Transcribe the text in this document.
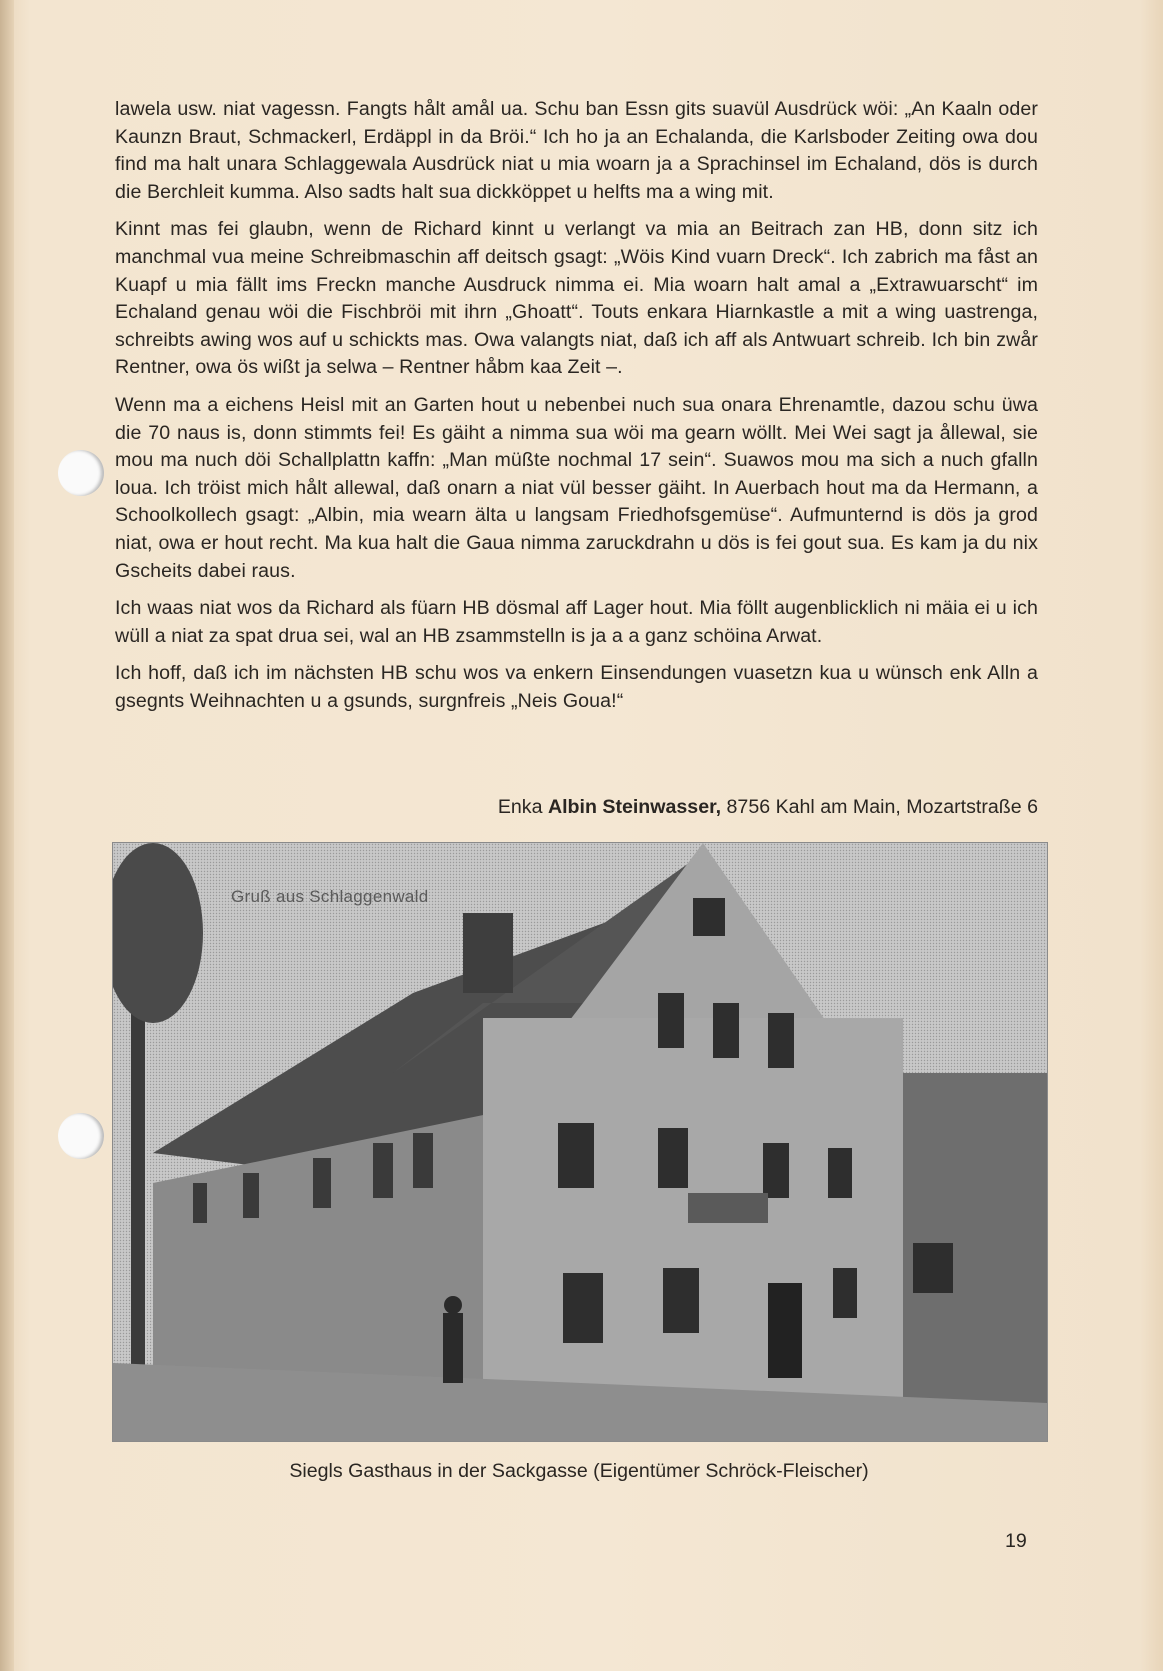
lawela usw. niat vagessn. Fangts hålt amål ua. Schu ban Essn gits suavül Ausdrück wöi: „An Kaaln oder Kaunzn Braut, Schmackerl, Erdäppl in da Bröi.“ Ich ho ja an Echalanda, die Karlsboder Zeiting owa dou find ma halt unara Schlaggewala Ausdrück niat u mia woarn ja a Sprachinsel im Echaland, dös is durch die Berchleit kumma. Also sadts halt sua dickköppet u helfts ma a wing mit.

Kinnt mas fei glaubn, wenn de Richard kinnt u verlangt va mia an Beitrach zan HB, donn sitz ich manchmal vua meine Schreibmaschin aff deitsch gsagt: „Wöis Kind vuarn Dreck“. Ich zabrich ma fåst an Kuapf u mia fällt ims Freckn manche Ausdruck nimma ei. Mia woarn halt amal a „Extrawuarscht“ im Echaland genau wöi die Fischbröi mit ihrn „Ghoatt“. Touts enkara Hiarnkastle a mit a wing uastrenga, schreibts awing wos auf u schickts mas. Owa valangts niat, daß ich aff als Antwuart schreib. Ich bin zwår Rentner, owa ös wißt ja selwa – Rentner håbm kaa Zeit –.

Wenn ma a eichens Heisl mit an Garten hout u nebenbei nuch sua onara Ehrenamtle, dazou schu üwa die 70 naus is, donn stimmts fei! Es gäiht a nimma sua wöi ma gearn wöllt. Mei Wei sagt ja ållewal, sie mou ma nuch döi Schallplattn kaffn: „Man müßte nochmal 17 sein“. Suawos mou ma sich a nuch gfalln loua. Ich tröist mich hålt allewal, daß onarn a niat vül besser gäiht. In Auerbach hout ma da Hermann, a Schoolkollech gsagt: „Albin, mia wearn älta u langsam Friedhofsgemüse“. Aufmunternd is dös ja grod niat, owa er hout recht. Ma kua halt die Gaua nimma zaruckdrahn u dös is fei gout sua. Es kam ja du nix Gscheits dabei raus.

Ich waas niat wos da Richard als füarn HB dösmal aff Lager hout. Mia föllt augenblicklich ni mäia ei u ich wüll a niat za spat drua sei, wal an HB zsammstelln is ja a a ganz schöina Arwat.

Ich hoff, daß ich im nächsten HB schu wos va enkern Einsendungen vuasetzn kua u wünsch enk Alln a gsegnts Weihnachten u a gsunds, surgnfreis „Neis Goua!“

Enka Albin Steinwasser, 8756 Kahl am Main, Mozartstraße 6
Gruß aus Schlaggenwald
Siegls Gasthaus in der Sackgasse (Eigentümer Schröck-Fleischer)
19
